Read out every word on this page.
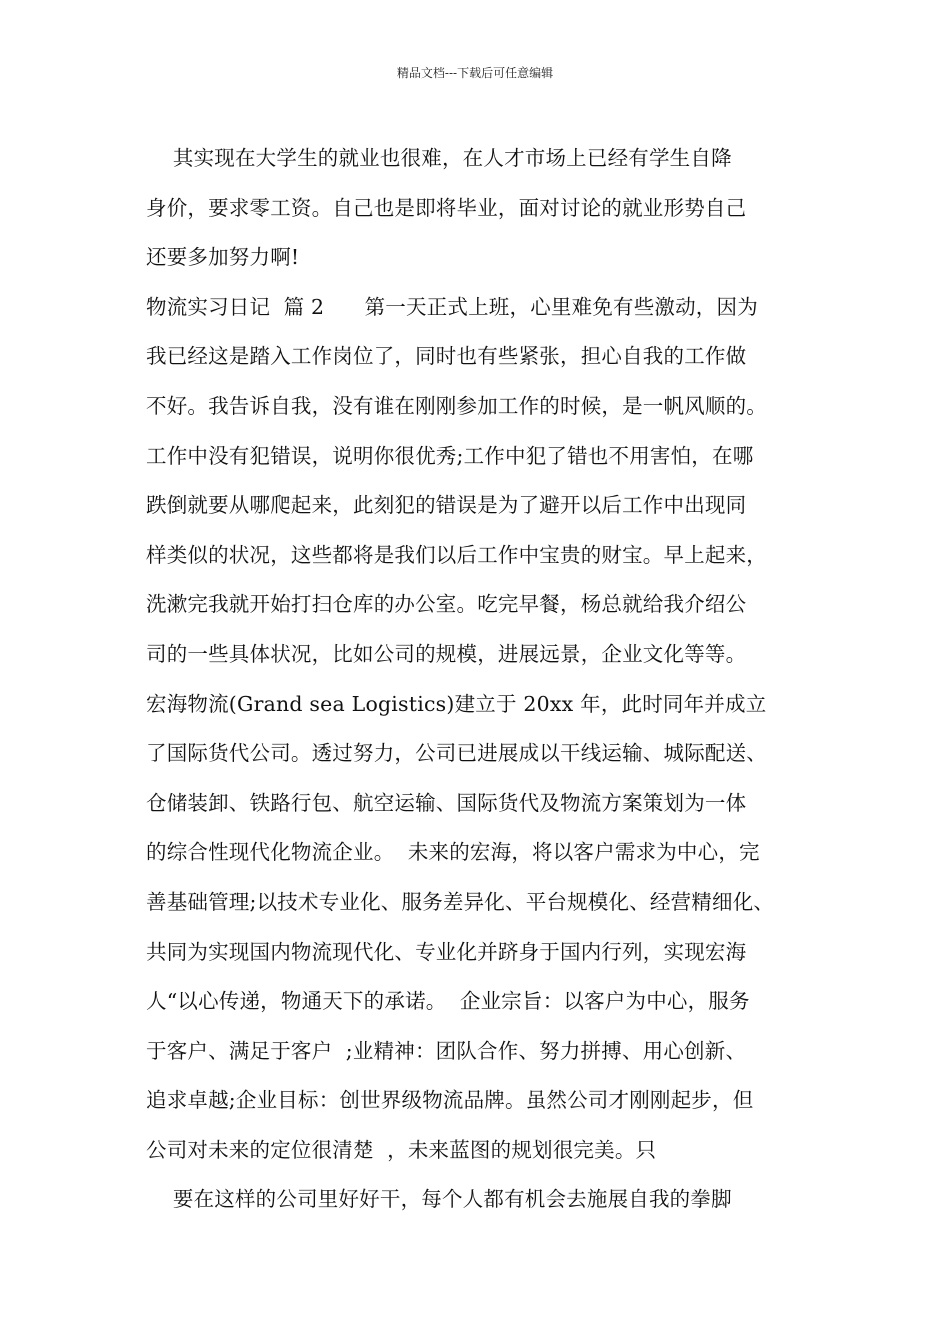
精品文档---下载后可任意编辑
其实现在大学生的就业也很难，在人才市场上已经有学生自降
身价，要求零工资。自己也是即将毕业，面对讨论的就业形势自己
还要多加努力啊!
物流实习日记  篇 2      第一天正式上班，心里难免有些激动，因为
我已经这是踏入工作岗位了，同时也有些紧张，担心自我的工作做
不好。我告诉自我，没有谁在刚刚参加工作的时候，是一帆风顺的。
工作中没有犯错误，说明你很优秀;工作中犯了错也不用害怕，在哪
跌倒就要从哪爬起来，此刻犯的错误是为了避开以后工作中出现同
样类似的状况，这些都将是我们以后工作中宝贵的财宝。早上起来，
洗漱完我就开始打扫仓库的办公室。吃完早餐，杨总就给我介绍公
司的一些具体状况，比如公司的规模，进展远景，企业文化等等。
宏海物流(Grand sea Logistics)建立于 20xx 年，此时同年并成立
了国际货代公司。透过努力，公司已进展成以干线运输、城际配送、
仓储装卸、铁路行包、航空运输、国际货代及物流方案策划为一体
的综合性现代化物流企业。  未来的宏海，将以客户需求为中心，完
善基础管理;以技术专业化、服务差异化、平台规模化、经营精细化、
共同为实现国内物流现代化、专业化并跻身于国内行列，实现宏海
人“以心传递，物通天下的承诺。  企业宗旨：以客户为中心，服务
于客户、满足于客户  ;业精神：团队合作、努力拼搏、用心创新、
追求卓越;企业目标：创世界级物流品牌。虽然公司才刚刚起步，但
公司对未来的定位很清楚  ，未来蓝图的规划很完美。只
要在这样的公司里好好干，每个人都有机会去施展自我的拳脚
